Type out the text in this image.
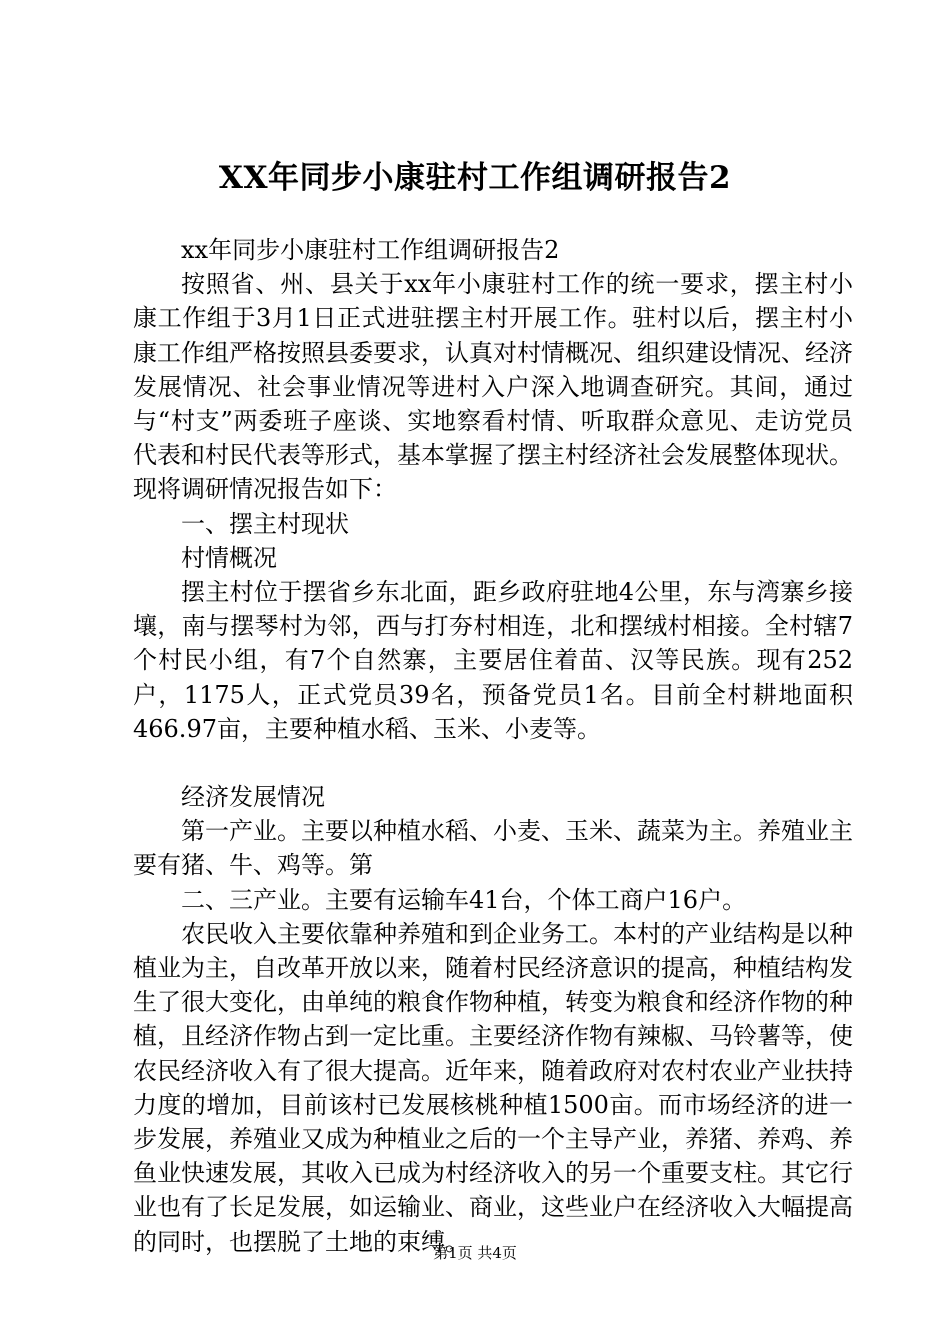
XX年同步小康驻村工作组调研报告2

xx年同步小康驻村工作组调研报告2

按照省、州、县关于xx年小康驻村工作的统一要求，摆主村小康工作组于3月1日正式进驻摆主村开展工作。驻村以后，摆主村小康工作组严格按照县委要求，认真对村情概况、组织建设情况、经济发展情况、社会事业情况等进村入户深入地调查研究。其间，通过与“村支”两委班子座谈、实地察看村情、听取群众意见、走访党员代表和村民代表等形式，基本掌握了摆主村经济社会发展整体现状。现将调研情况报告如下：

一、摆主村现状

村情概况

摆主村位于摆省乡东北面，距乡政府驻地4公里，东与湾寨乡接壤，南与摆琴村为邻，西与打夯村相连，北和摆绒村相接。全村辖7个村民小组，有7个自然寨，主要居住着苗、汉等民族。现有252户，1175人，正式党员39名，预备党员1名。目前全村耕地面积466.97亩，主要种植水稻、玉米、小麦等。

经济发展情况

第一产业。主要以种植水稻、小麦、玉米、蔬菜为主。养殖业主要有猪、牛、鸡等。第

二、三产业。主要有运输车41台，个体工商户16户。

农民收入主要依靠种养殖和到企业务工。本村的产业结构是以种植业为主，自改革开放以来，随着村民经济意识的提高，种植结构发生了很大变化，由单纯的粮食作物种植，转变为粮食和经济作物的种植，且经济作物占到一定比重。主要经济作物有辣椒、马铃薯等，使农民经济收入有了很大提高。近年来，随着政府对农村农业产业扶持力度的增加，目前该村已发展核桃种植1500亩。而市场经济的进一步发展，养殖业又成为种植业之后的一个主导产业，养猪、养鸡、养鱼业快速发展，其收入已成为村经济收入的另一个重要支柱。其它行业也有了长足发展，如运输业、商业，这些业户在经济收入大幅提高的同时，也摆脱了土地的束缚。

第1页 共4页
